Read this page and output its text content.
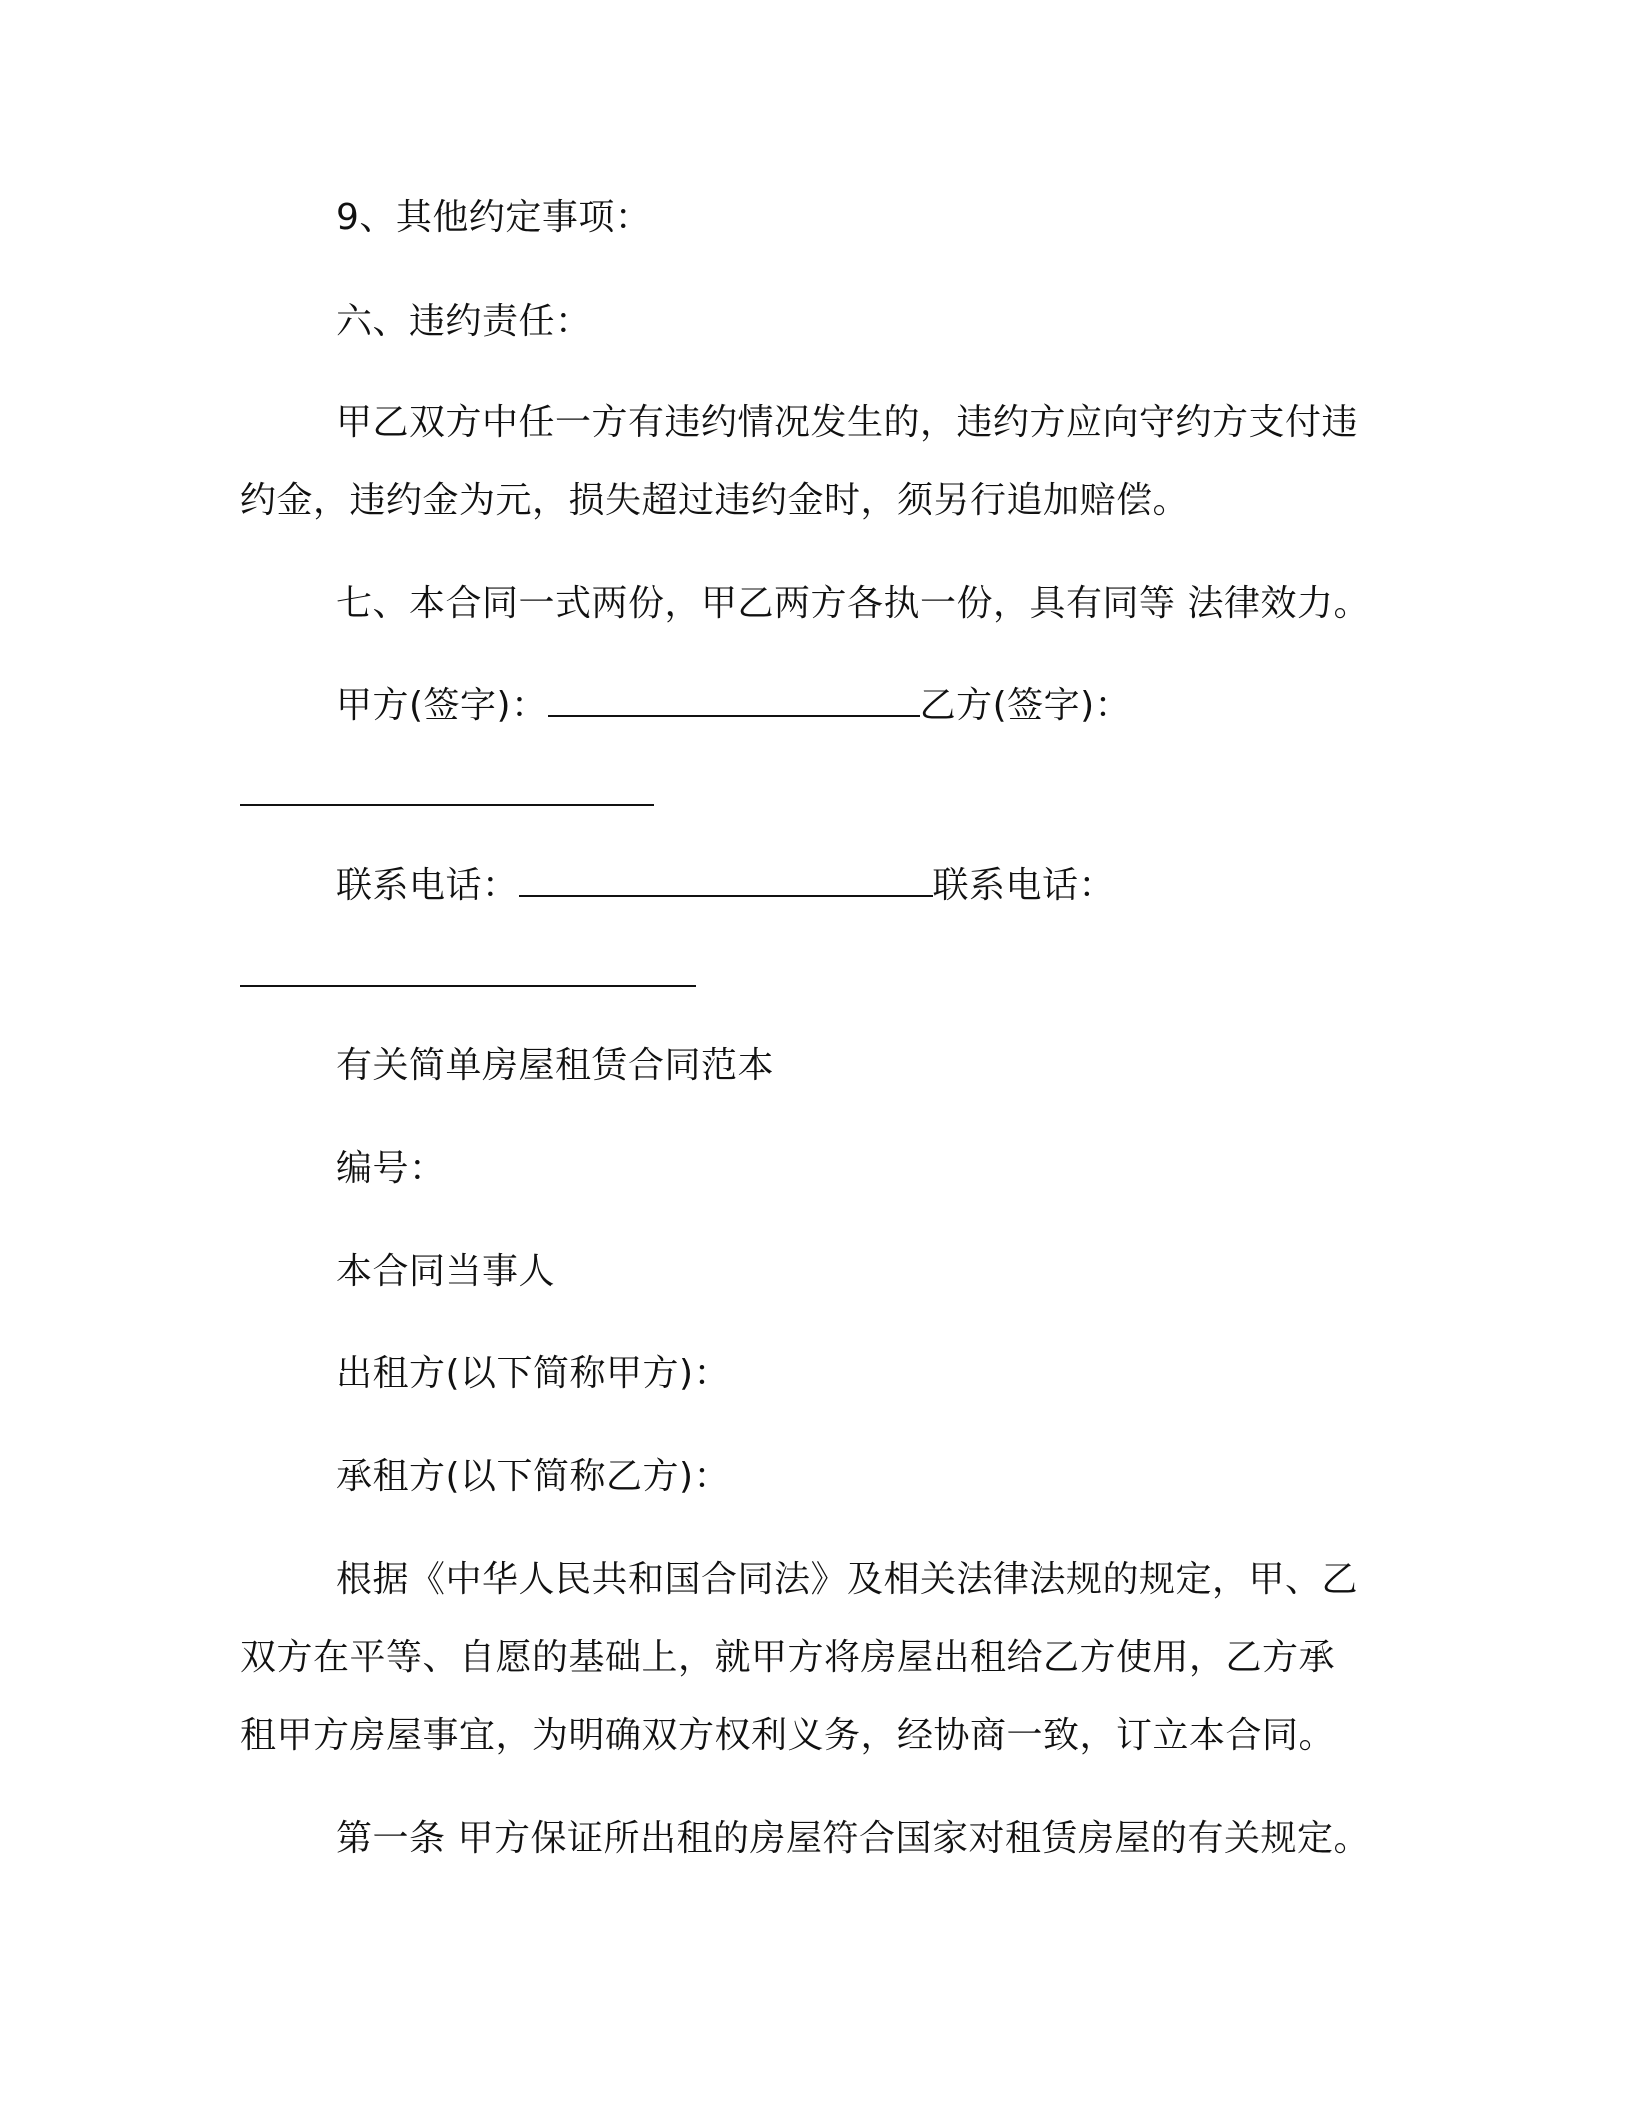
9、其他约定事项：
六、违约责任：
甲乙双方中任一方有违约情况发生的，违约方应向守约方支付违
约金，违约金为元，损失超过违约金时，须另行追加赔偿。
七、本合同一式两份，甲乙两方各执一份，具有同等 法律效力。
甲方(签字)：	乙方(签字)：
联系电话：	联系电话：
有关简单房屋租赁合同范本
编号：
本合同当事人
出租方(以下简称甲方)：
承租方(以下简称乙方)：
根据《中华人民共和国合同法》及相关法律法规的规定，甲、乙
双方在平等、自愿的基础上，就甲方将房屋出租给乙方使用，乙方承
租甲方房屋事宜，为明确双方权利义务，经协商一致，订立本合同。
第一条 甲方保证所出租的房屋符合国家对租赁房屋的有关规定。
